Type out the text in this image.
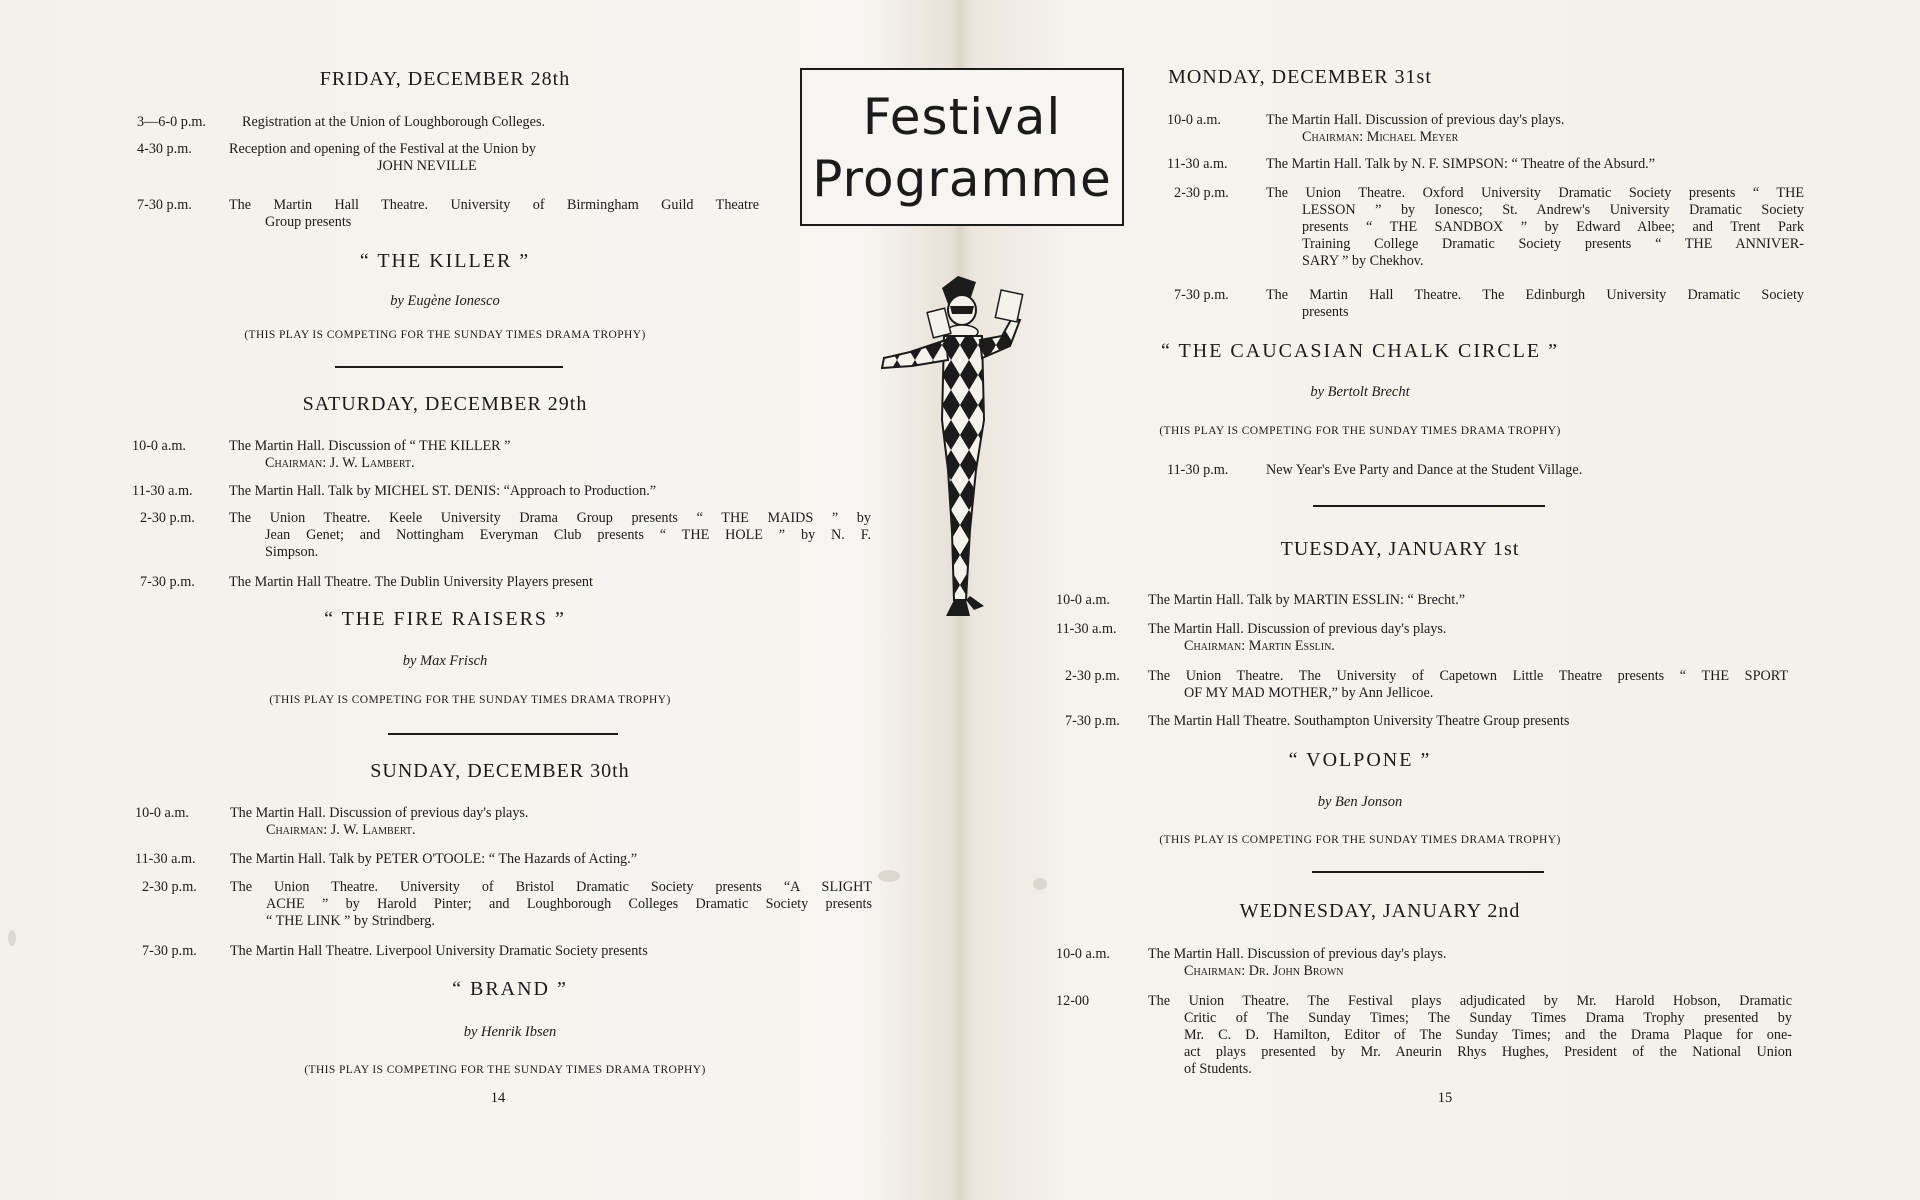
FRIDAY, DECEMBER 28th
3—6-0 p.m.	Registration at the Union of Loughborough Colleges.
4-30 p.m.	Reception and opening of the Festival at the Union by
JOHN NEVILLE
7-30 p.m.	The Martin Hall Theatre. University of Birmingham Guild Theatre
Group presents
“ THE KILLER ”
by Eugène Ionesco
(THIS PLAY IS COMPETING FOR THE SUNDAY TIMES DRAMA TROPHY)
SATURDAY, DECEMBER 29th
10-0 a.m.	The Martin Hall. Discussion of “ THE KILLER ”
Chairman: J. W. Lambert.
11-30 a.m.	The Martin Hall. Talk by MICHEL ST. DENIS: “Approach to Production.”
2-30 p.m. The Union Theatre. Keele University Drama Group presents “ THE MAIDS ” by
Jean Genet; and Nottingham Everyman Club presents “ THE HOLE ” by N. F.
Simpson.
7-30 p.m. The Martin Hall Theatre. The Dublin University Players present
“ THE FIRE RAISERS ”
by Max Frisch
(THIS PLAY IS COMPETING FOR THE SUNDAY TIMES DRAMA TROPHY)
SUNDAY, DECEMBER 30th
10-0 a.m.	The Martin Hall. Discussion of previous day's plays.
Chairman: J. W. Lambert.
11-30 a.m. The Martin Hall. Talk by PETER O'TOOLE: “ The Hazards of Acting.”
2-30 p.m. The Union Theatre. University of Bristol Dramatic Society presents “A SLIGHT
ACHE ” by Harold Pinter; and Loughborough Colleges Dramatic Society presents
“ THE LINK ” by Strindberg.
7-30 p.m. The Martin Hall Theatre. Liverpool University Dramatic Society presents
“ BRAND ”
by Henrik Ibsen
(THIS PLAY IS COMPETING FOR THE SUNDAY TIMES DRAMA TROPHY)
14
Festival
Programme
MONDAY, DECEMBER 31st
10-0 a.m.	The Martin Hall. Discussion of previous day's plays.
Chairman: Michael Meyer
11-30 a.m.	The Martin Hall. Talk by N. F. SIMPSON: “ Theatre of the Absurd.”
2-30 p.m.	The Union Theatre. Oxford University Dramatic Society presents “ THE
LESSON ” by Ionesco; St. Andrew's University Dramatic Society
presents “ THE SANDBOX ” by Edward Albee; and Trent Park
Training College Dramatic Society presents “ THE ANNIVER-
SARY ” by Chekhov.
7-30 p.m.	The Martin Hall Theatre. The Edinburgh University Dramatic Society
presents
“ THE CAUCASIAN CHALK CIRCLE ”
by Bertolt Brecht
(THIS PLAY IS COMPETING FOR THE SUNDAY TIMES DRAMA TROPHY)
11-30 p.m.	New Year's Eve Party and Dance at the Student Village.
TUESDAY, JANUARY 1st
10-0 a.m.	The Martin Hall. Talk by MARTIN ESSLIN: “ Brecht.”
11-30 a.m. The Martin Hall. Discussion of previous day's plays.
Chairman: Martin Esslin.
2-30 p.m. The Union Theatre. The University of Capetown Little Theatre presents “ THE SPORT
OF MY MAD MOTHER,” by Ann Jellicoe.
7-30 p.m. The Martin Hall Theatre. Southampton University Theatre Group presents
“ VOLPONE ”
by Ben Jonson
(THIS PLAY IS COMPETING FOR THE SUNDAY TIMES DRAMA TROPHY)
WEDNESDAY, JANUARY 2nd
10-0 a.m.	The Martin Hall. Discussion of previous day's plays.
Chairman: Dr. John Brown
12-00	The Union Theatre. The Festival plays adjudicated by Mr. Harold Hobson, Dramatic
Critic of The Sunday Times; The Sunday Times Drama Trophy presented by
Mr. C. D. Hamilton, Editor of The Sunday Times; and the Drama Plaque for one-
act plays presented by Mr. Aneurin Rhys Hughes, President of the National Union
of Students.
15
